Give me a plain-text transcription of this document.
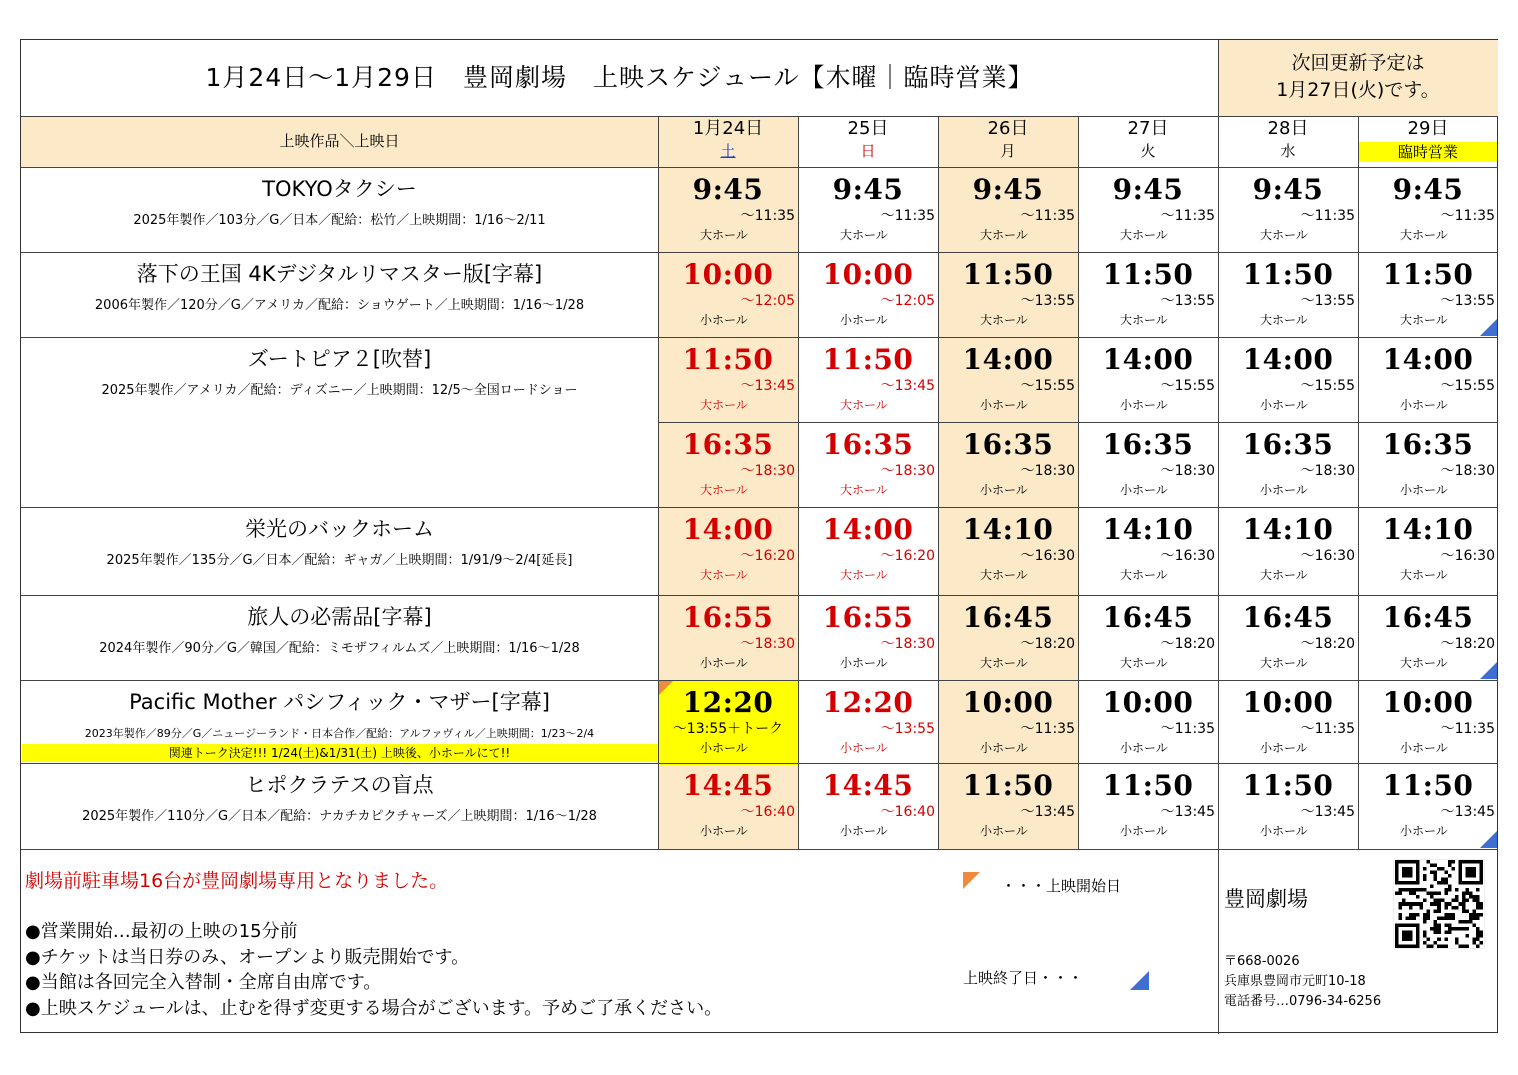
1月24日～1月29日　豊岡劇場　上映スケジュール【木曜｜臨時営業】	次回更新予定は
1月27日(火)です。
上映作品＼上映日
劇場前駐車場16台が豊岡劇場専用となりました。
●営業開始…最初の上映の15分前
●チケットは当日券のみ、オープンより販売開始です。
●当館は各回完全入替制・全席自由席です。
●上映スケジュールは、止むを得ず変更する場合がございます。予めご了承ください。
・・・上映開始日
上映終了日・・・
豊岡劇場
〒668-0026
兵庫県豊岡市元町10-18
電話番号…0796-34-6256
1月24日
土
25日
日
26日
月
27日
火
28日
水
29日
臨時営業
TOKYOタクシー
2025年製作／103分／G／日本／配給：松竹／上映期間：1/16～2/11
9:45
～11:35
大ホール
9:45
～11:35
大ホール
9:45
～11:35
大ホール
9:45
～11:35
大ホール
9:45
～11:35
大ホール
9:45
～11:35
大ホール
落下の王国 4Kデジタルリマスター版[字幕]
2006年製作／120分／G／アメリカ／配給：ショウゲート／上映期間：1/16～1/28
10:00
～12:05
小ホール
10:00
～12:05
小ホール
11:50
～13:55
大ホール
11:50
～13:55
大ホール
11:50
～13:55
大ホール
11:50
～13:55
大ホール
ズートピア２[吹替]
2025年製作／アメリカ／配給：ディズニー／上映期間：12/5～全国ロードショー
11:50
～13:45
大ホール
11:50
～13:45
大ホール
14:00
～15:55
小ホール
14:00
～15:55
小ホール
14:00
～15:55
小ホール
14:00
～15:55
小ホール
16:35
～18:30
大ホール
16:35
～18:30
大ホール
16:35
～18:30
小ホール
16:35
～18:30
小ホール
16:35
～18:30
小ホール
16:35
～18:30
小ホール
栄光のバックホーム
2025年製作／135分／G／日本／配給：ギャガ／上映期間：1/91/9～2/4[延長]
14:00
～16:20
大ホール
14:00
～16:20
大ホール
14:10
～16:30
大ホール
14:10
～16:30
大ホール
14:10
～16:30
大ホール
14:10
～16:30
大ホール
旅人の必需品[字幕]
2024年製作／90分／G／韓国／配給：ミモザフィルムズ／上映期間：1/16～1/28
16:55
～18:30
小ホール
16:55
～18:30
小ホール
16:45
～18:20
大ホール
16:45
～18:20
大ホール
16:45
～18:20
大ホール
16:45
～18:20
大ホール
Pacific Mother パシフィック・マザー[字幕]
2023年製作／89分／G／ニュージーランド・日本合作／配給：アルファヴィル／上映期間：1/23～2/4
関連トーク決定!!! 1/24(土)&1/31(土) 上映後、小ホールにて!!
12:20
～13:55＋トーク
小ホール
12:20
～13:55
小ホール
10:00
～11:35
小ホール
10:00
～11:35
小ホール
10:00
～11:35
小ホール
10:00
～11:35
小ホール
ヒポクラテスの盲点
2025年製作／110分／G／日本／配給：ナカチカピクチャーズ／上映期間：1/16～1/28
14:45
～16:40
小ホール
14:45
～16:40
小ホール
11:50
～13:45
小ホール
11:50
～13:45
小ホール
11:50
～13:45
小ホール
11:50
～13:45
小ホール
